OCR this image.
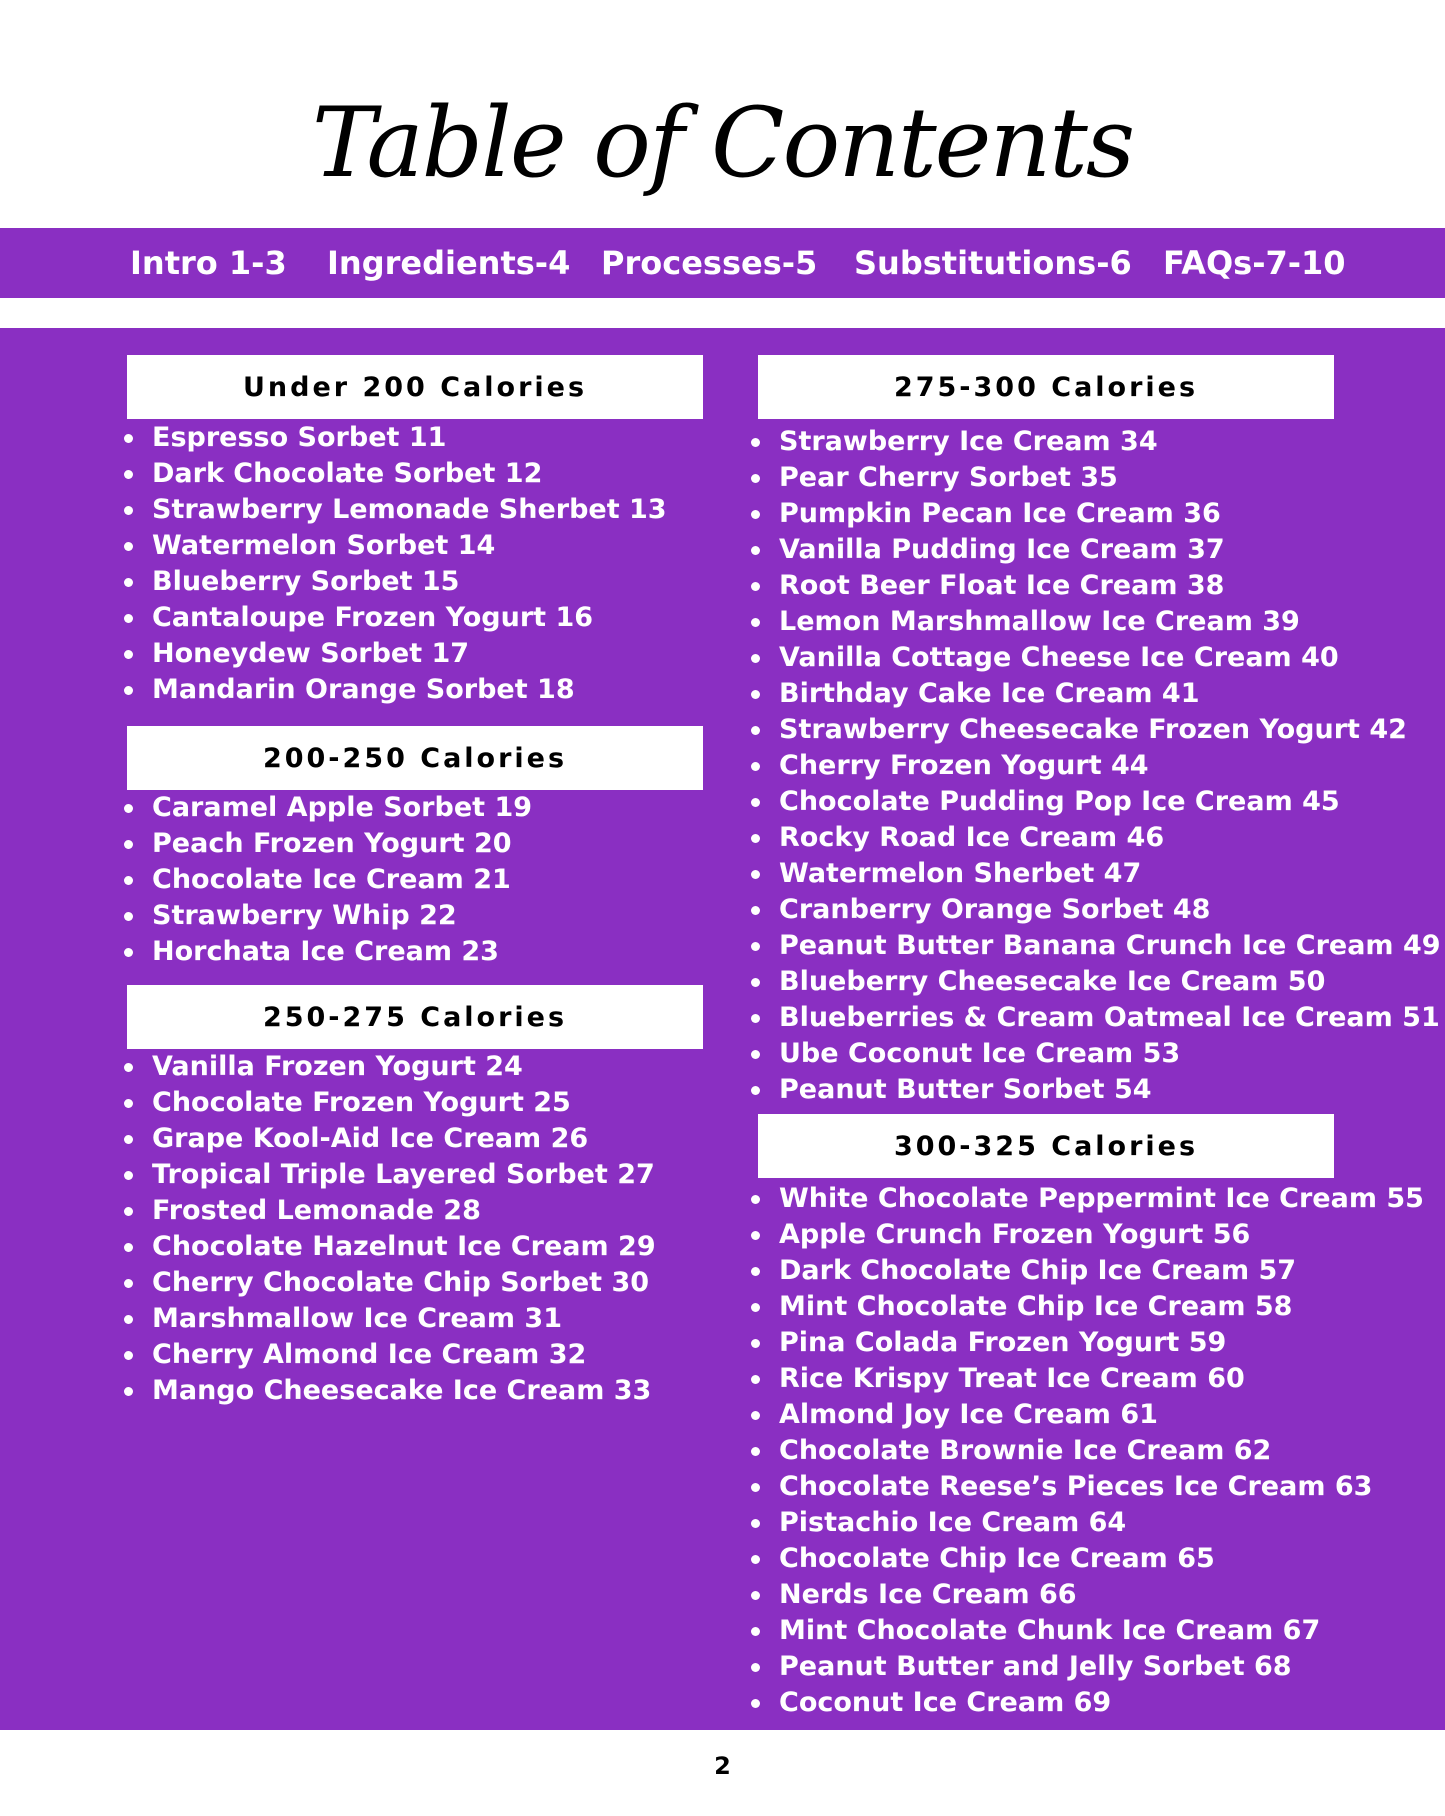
Table of Contents
Intro 1-3 Ingredients-4 Processes-5 Substitutions-6 FAQs-7-10
Under 200 Calories
Espresso Sorbet 11
Dark Chocolate Sorbet 12
Strawberry Lemonade Sherbet 13
Watermelon Sorbet 14
Blueberry Sorbet 15
Cantaloupe Frozen Yogurt 16
Honeydew Sorbet 17
Mandarin Orange Sorbet 18
200-250 Calories
Caramel Apple Sorbet 19
Peach Frozen Yogurt 20
Chocolate Ice Cream 21
Strawberry Whip 22
Horchata Ice Cream 23
250-275 Calories
Vanilla Frozen Yogurt 24
Chocolate Frozen Yogurt 25
Grape Kool-Aid Ice Cream 26
Tropical Triple Layered Sorbet 27
Frosted Lemonade 28
Chocolate Hazelnut Ice Cream 29
Cherry Chocolate Chip Sorbet 30
Marshmallow Ice Cream 31
Cherry Almond Ice Cream 32
Mango Cheesecake Ice Cream 33
275-300 Calories
Strawberry Ice Cream 34
Pear Cherry Sorbet 35
Pumpkin Pecan Ice Cream 36
Vanilla Pudding Ice Cream 37
Root Beer Float Ice Cream 38
Lemon Marshmallow Ice Cream 39
Vanilla Cottage Cheese Ice Cream 40
Birthday Cake Ice Cream 41
Strawberry Cheesecake Frozen Yogurt 42
Cherry Frozen Yogurt 44
Chocolate Pudding Pop Ice Cream 45
Rocky Road Ice Cream 46
Watermelon Sherbet 47
Cranberry Orange Sorbet 48
Peanut Butter Banana Crunch Ice Cream 49
Blueberry Cheesecake Ice Cream 50
Blueberries & Cream Oatmeal Ice Cream 51
Ube Coconut Ice Cream 53
Peanut Butter Sorbet 54
300-325 Calories
White Chocolate Peppermint Ice Cream 55
Apple Crunch Frozen Yogurt 56
Dark Chocolate Chip Ice Cream 57
Mint Chocolate Chip Ice Cream 58
Pina Colada Frozen Yogurt 59
Rice Krispy Treat Ice Cream 60
Almond Joy Ice Cream 61
Chocolate Brownie Ice Cream 62
Chocolate Reese’s Pieces Ice Cream 63
Pistachio Ice Cream 64
Chocolate Chip Ice Cream 65
Nerds Ice Cream 66
Mint Chocolate Chunk Ice Cream 67
Peanut Butter and Jelly Sorbet 68
Coconut Ice Cream 69
2
